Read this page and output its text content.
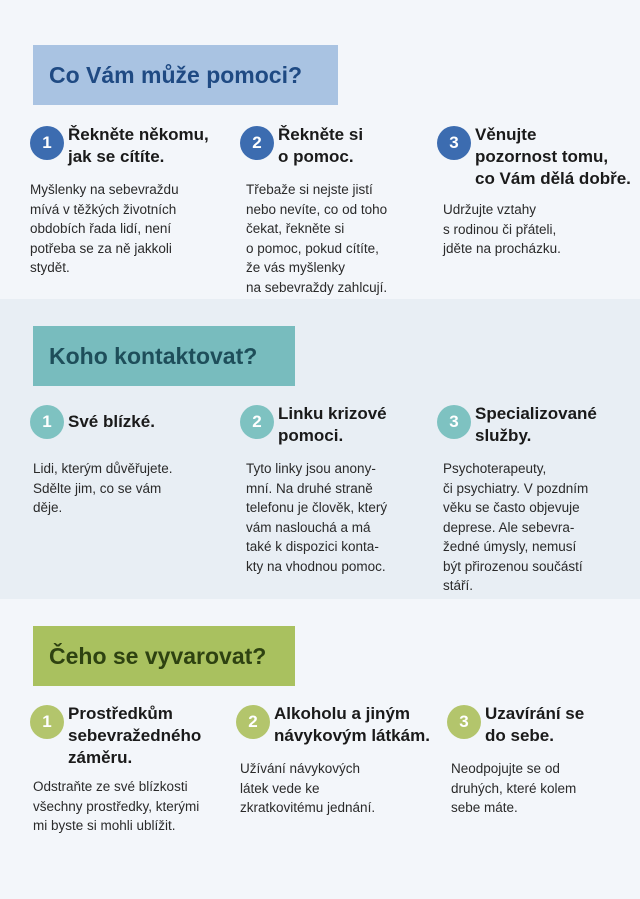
Co Vám může pomoci?
1 Řekněte někomu,
jak se cítíte.
Myšlenky na sebevraždu
mívá v těžkých životních
obdobích řada lidí, není
potřeba se za ně jakkoli
stydět.
2 Řekněte si
o pomoc.
Třebaže si nejste jistí
nebo nevíte, co od toho
čekat, řekněte si
o pomoc, pokud cítíte,
že vás myšlenky
na sebevraždy zahlcují.
3 Věnujte
pozornost tomu,
co Vám dělá dobře.
Udržujte vztahy
s rodinou či přáteli,
jděte na procházku.
Koho kontaktovat?
1 Své blízké.
Lidi, kterým důvěřujete.
Sdělte jim, co se vám
děje.
2 Linku krizové
pomoci.
Tyto linky jsou anony-
mní. Na druhé straně
telefonu je člověk, který
vám naslouchá a má
také k dispozici konta-
kty na vhodnou pomoc.
3 Specializované
služby.
Psychoterapeuty,
či psychiatry. V pozdním
věku se často objevuje
deprese. Ale sebevra-
žedné úmysly, nemusí
být přirozenou součástí
stáří.
Čeho se vyvarovat?
1 Prostředkům
sebevražedného
záměru.
Odstraňte ze své blízkosti
všechny prostředky, kterými
mi byste si mohli ublížit.
2 Alkoholu a jiným
návykovým látkám.
Užívání návykových
látek vede ke
zkratkovitému jednání.
3 Uzavírání se
do sebe.
Neodpojujte se od
druhých, které kolem
sebe máte.
